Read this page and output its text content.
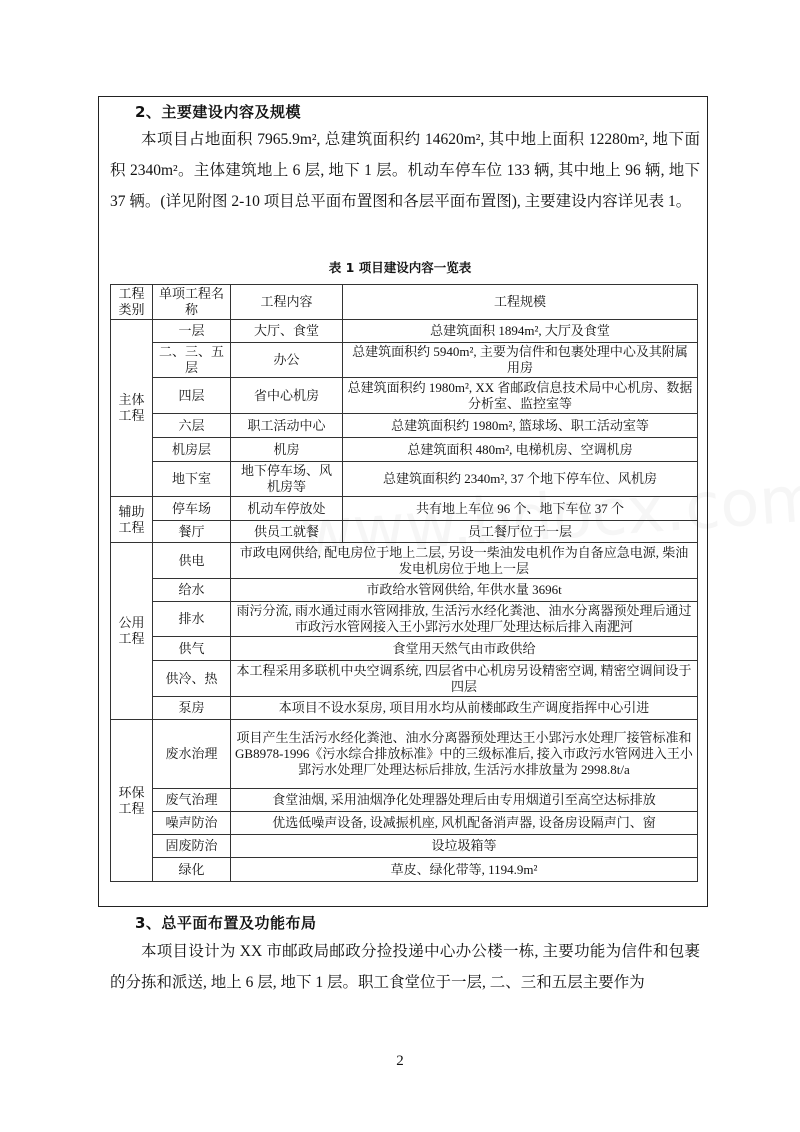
2、主要建设内容及规模

本项目占地面积 7965.9m², 总建筑面积约 14620m², 其中地上面积 12280m², 地下面积 2340m²。主体建筑地上 6 层, 地下 1 层。机动车停车位 133 辆, 其中地上 96 辆, 地下 37 辆。(详见附图 2-10 项目总平面布置图和各层平面布置图), 主要建设内容详见表 1。

表 1 项目建设内容一览表
工程类别	单项工程名称	工程内容	工程规模
主体工程	一层	大厅、食堂	总建筑面积 1894m², 大厅及食堂
	二、三、五层	办公	总建筑面积约 5940m², 主要为信件和包裹处理中心及其附属用房
	四层	省中心机房	总建筑面积约 1980m², XX 省邮政信息技术局中心机房、数据分析室、监控室等
	六层	职工活动中心	总建筑面积约 1980m², 篮球场、职工活动室等
	机房层	机房	总建筑面积 480m², 电梯机房、空调机房
	地下室	地下停车场、风机房等	总建筑面积约 2340m², 37 个地下停车位、风机房
辅助工程	停车场	机动车停放处	共有地上车位 96 个、地下车位 37 个
	餐厅	供员工就餐	员工餐厅位于一层
公用工程	供电	市政电网供给, 配电房位于地上二层, 另设一柴油发电机作为自备应急电源, 柴油发电机房位于地上一层	
	给水	市政给水管网供给, 年供水量 3696t	
	排水	雨污分流, 雨水通过雨水管网排放, 生活污水经化粪池、油水分离器预处理后通过市政污水管网接入王小郢污水处理厂处理达标后排入南淝河	
	供气	食堂用天然气由市政供给	
	供冷、热	本工程采用多联机中央空调系统, 四层省中心机房另设精密空调, 精密空调间设于四层	
	泵房	本项目不设水泵房, 项目用水均从前楼邮政生产调度指挥中心引进	
环保工程	废水治理	项目产生生活污水经化粪池、油水分离器预处理达王小郢污水处理厂接管标准和 GB8978-1996《污水综合排放标准》中的三级标准后, 接入市政污水管网进入王小郢污水处理厂处理达标后排放, 生活污水排放量为 2998.8t/a	
	废气治理	食堂油烟, 采用油烟净化处理器处理后由专用烟道引至高空达标排放	
	噪声防治	优选低噪声设备, 设减振机座, 风机配备消声器, 设备房设隔声门、窗	
	固废防治	设垃圾箱等	
	绿化	草皮、绿化带等, 1194.9m²	
3、总平面布置及功能布局

本项目设计为 XX 市邮政局邮政分捡投递中心办公楼一栋, 主要功能为信件和包裹的分拣和派送, 地上 6 层, 地下 1 层。职工食堂位于一层, 二、三和五层主要作为

2
